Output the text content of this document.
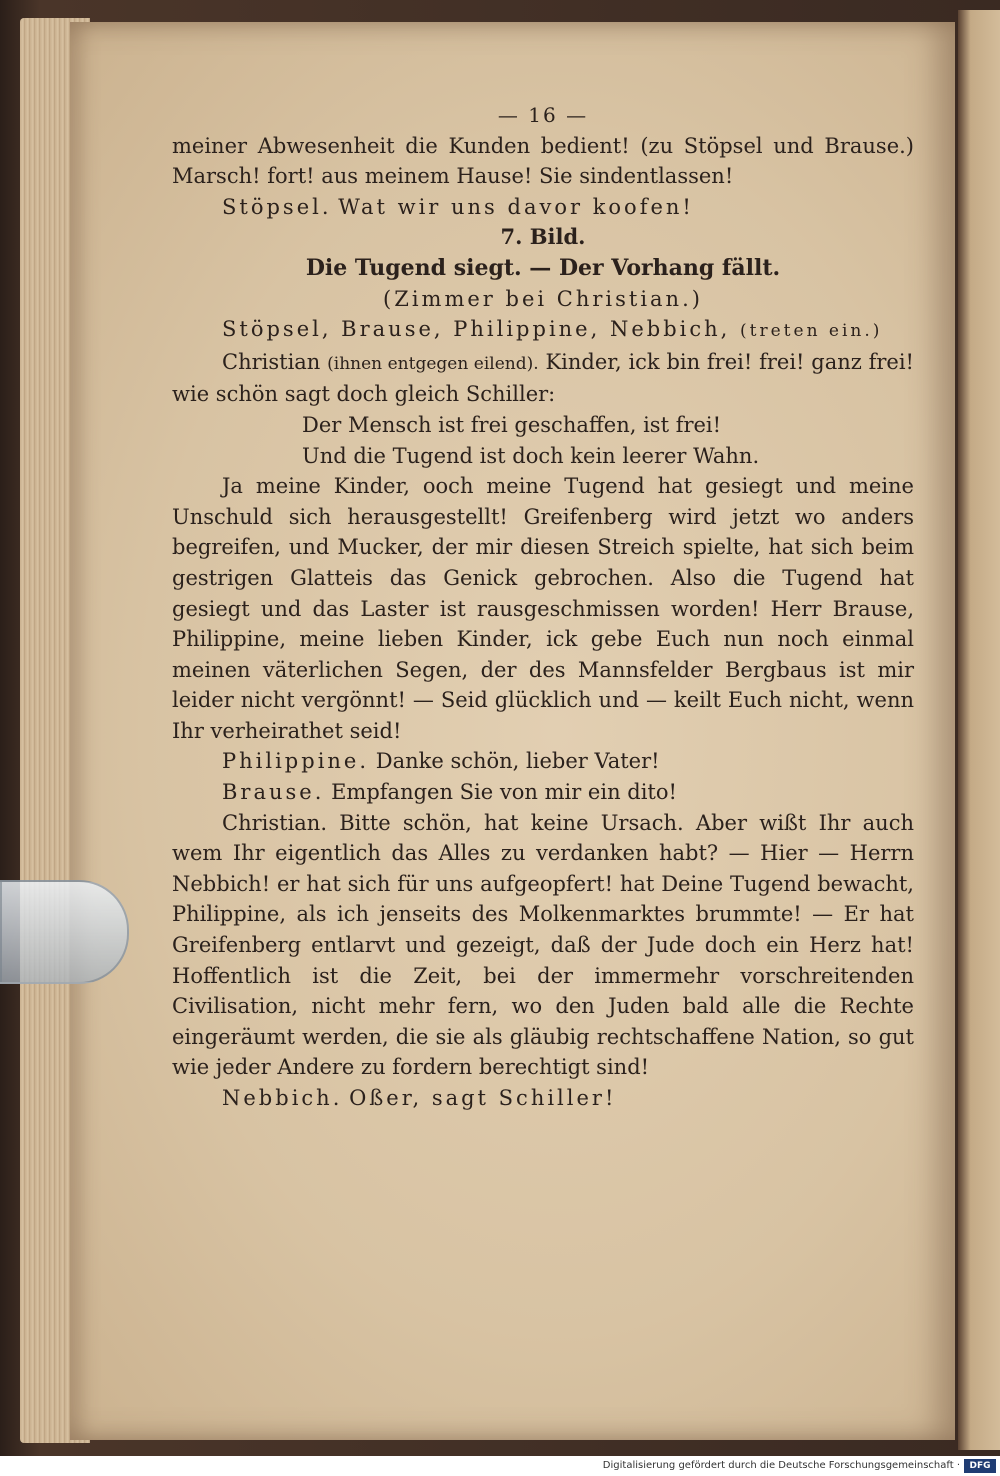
— 16 —

meiner Abwesenheit die Kunden bedient! (zu Stöpsel und Brause.) Marsch! fort! aus meinem Hause! Sie sindentlassen!

Stöpsel. Wat wir uns davor koofen!

7. Bild.

Die Tugend siegt. — Der Vorhang fällt.

(Zimmer bei Christian.)

Stöpsel, Brause, Philippine, Nebbich, (treten ein.)

Christian (ihnen entgegen eilend). Kinder, ick bin frei! frei! ganz frei! wie schön sagt doch gleich Schiller:

Der Mensch ist frei geschaffen, ist frei!

Und die Tugend ist doch kein leerer Wahn.

Ja meine Kinder, ooch meine Tugend hat gesiegt und meine Unschuld sich herausgestellt! Greifenberg wird jetzt wo anders begreifen, und Mucker, der mir diesen Streich spielte, hat sich beim gestrigen Glatteis das Genick gebrochen. Also die Tugend hat gesiegt und das Laster ist rausgeschmissen worden! Herr Brause, Philippine, meine lieben Kinder, ick gebe Euch nun noch einmal meinen väterlichen Segen, der des Mannsfelder Bergbaus ist mir leider nicht vergönnt! — Seid glücklich und — keilt Euch nicht, wenn Ihr verheirathet seid!

Philippine. Danke schön, lieber Vater!

Brause. Empfangen Sie von mir ein dito!

Christian. Bitte schön, hat keine Ursach. Aber wißt Ihr auch wem Ihr eigentlich das Alles zu verdanken habt? — Hier — Herrn Nebbich! er hat sich für uns aufgeopfert! hat Deine Tugend bewacht, Philippine, als ich jenseits des Molkenmarktes brummte! — Er hat Greifenberg entlarvt und gezeigt, daß der Jude doch ein Herz hat! Hoffentlich ist die Zeit, bei der immermehr vorschreitenden Civilisation, nicht mehr fern, wo den Juden bald alle die Rechte eingeräumt werden, die sie als gläubig rechtschaffene Nation, so gut wie jeder Andere zu fordern berechtigt sind!

Nebbich. Oßer, sagt Schiller!

Digitalisierung gefördert durch die Deutsche Forschungsgemeinschaft ·	DFG
